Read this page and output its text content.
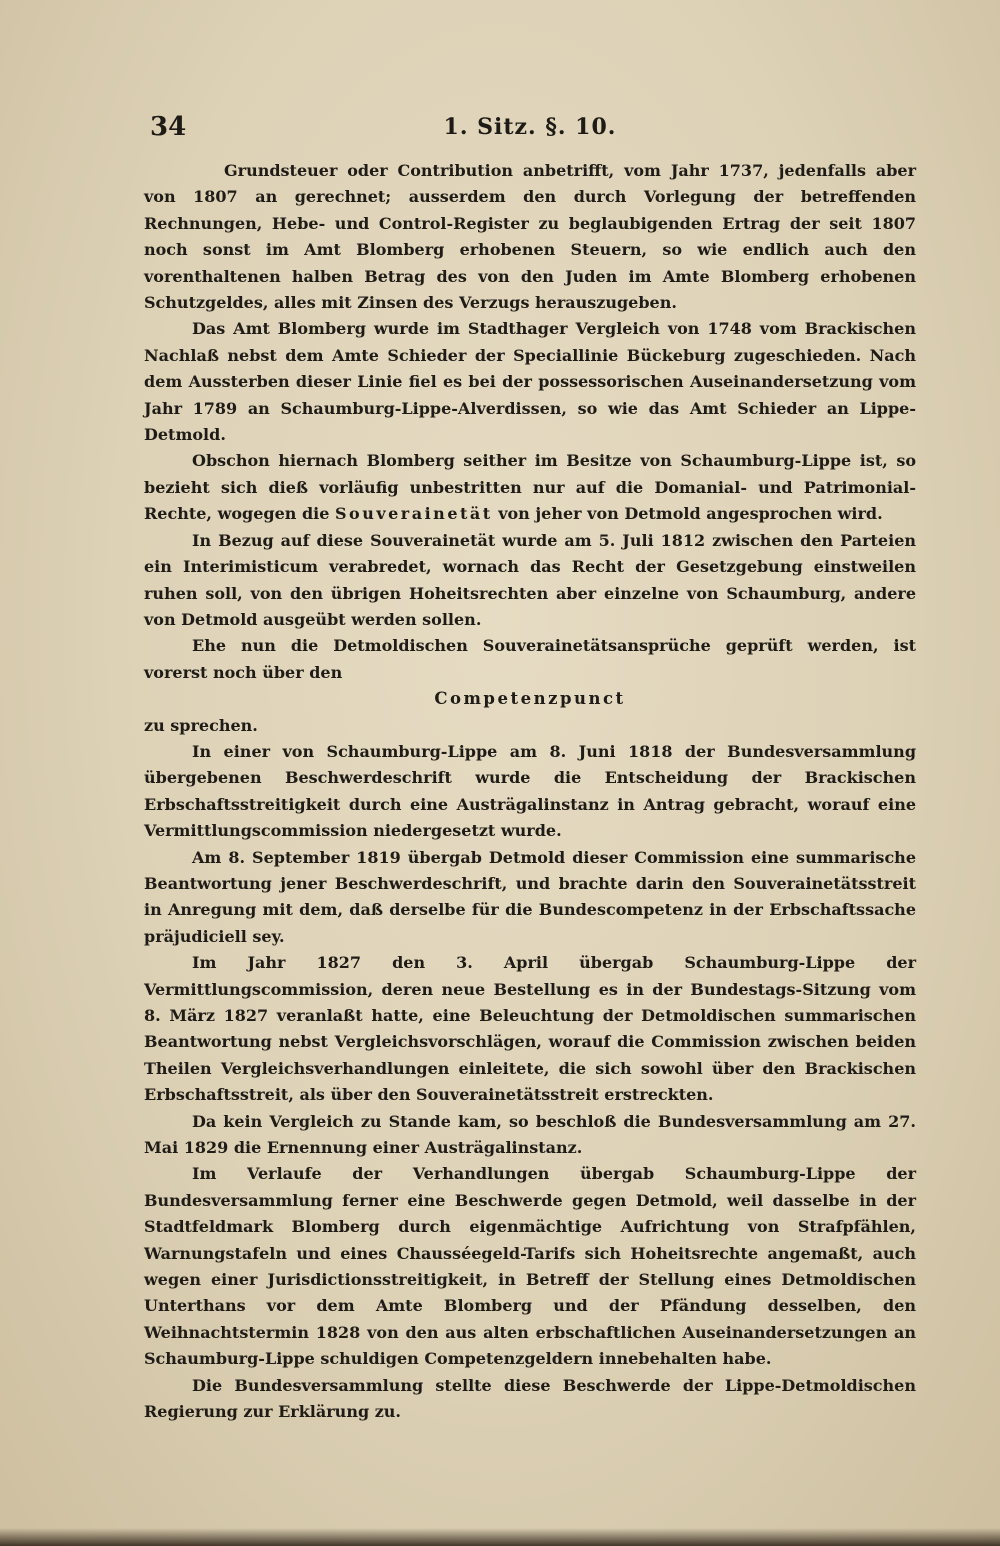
34	1. Sitz. §. 10.

Grundsteuer oder Contribution anbetrifft, vom Jahr 1737, jedenfalls aber von 1807 an gerechnet; ausserdem den durch Vorlegung der betreffenden Rechnungen, Hebe- und Control-Register zu beglaubigenden Ertrag der seit 1807 noch sonst im Amt Blomberg erhobenen Steuern, so wie endlich auch den vorenthaltenen halben Betrag des von den Juden im Amte Blomberg erhobenen Schutzgeldes, alles mit Zinsen des Verzugs herauszugeben.

Das Amt Blomberg wurde im Stadthager Vergleich von 1748 vom Brackischen Nachlaß nebst dem Amte Schieder der Speciallinie Bückeburg zugeschieden. Nach dem Aussterben dieser Linie fiel es bei der possessorischen Auseinandersetzung vom Jahr 1789 an Schaumburg-Lippe-Alverdissen, so wie das Amt Schieder an Lippe-Detmold.

Obschon hiernach Blomberg seither im Besitze von Schaumburg-Lippe ist, so bezieht sich dieß vorläufig unbestritten nur auf die Domanial- und Patrimonial-Rechte, wogegen die Souverainetät von jeher von Detmold angesprochen wird.

In Bezug auf diese Souverainetät wurde am 5. Juli 1812 zwischen den Parteien ein Interimisticum verabredet, wornach das Recht der Gesetzgebung einstweilen ruhen soll, von den übrigen Hoheitsrechten aber einzelne von Schaumburg, andere von Detmold ausgeübt werden sollen.

Ehe nun die Detmoldischen Souverainetätsansprüche geprüft werden, ist vorerst noch über den

Competenzpunct

zu sprechen.

In einer von Schaumburg-Lippe am 8. Juni 1818 der Bundesversammlung übergebenen Beschwerdeschrift wurde die Entscheidung der Brackischen Erbschaftsstreitigkeit durch eine Austrägalinstanz in Antrag gebracht, worauf eine Vermittlungscommission niedergesetzt wurde.

Am 8. September 1819 übergab Detmold dieser Commission eine summarische Beantwortung jener Beschwerdeschrift, und brachte darin den Souverainetätsstreit in Anregung mit dem, daß derselbe für die Bundescompetenz in der Erbschaftssache präjudiciell sey.

Im Jahr 1827 den 3. April übergab Schaumburg-Lippe der Vermittlungscommission, deren neue Bestellung es in der Bundestags-Sitzung vom 8. März 1827 veranlaßt hatte, eine Beleuchtung der Detmoldischen summarischen Beantwortung nebst Vergleichsvorschlägen, worauf die Commission zwischen beiden Theilen Vergleichsverhandlungen einleitete, die sich sowohl über den Brackischen Erbschaftsstreit, als über den Souverainetätsstreit erstreckten.

Da kein Vergleich zu Stande kam, so beschloß die Bundesversammlung am 27. Mai 1829 die Ernennung einer Austrägalinstanz.

Im Verlaufe der Verhandlungen übergab Schaumburg-Lippe der Bundesversammlung ferner eine Beschwerde gegen Detmold, weil dasselbe in der Stadtfeldmark Blomberg durch eigenmächtige Aufrichtung von Strafpfählen, Warnungstafeln und eines Chausséegeld-Tarifs sich Hoheitsrechte angemaßt, auch wegen einer Jurisdictionsstreitigkeit, in Betreff der Stellung eines Detmoldischen Unterthans vor dem Amte Blomberg und der Pfändung desselben, den Weihnachtstermin 1828 von den aus alten erbschaftlichen Auseinandersetzungen an Schaumburg-Lippe schuldigen Competenzgeldern innebehalten habe.

Die Bundesversammlung stellte diese Beschwerde der Lippe-Detmoldischen Regierung zur Erklärung zu.
